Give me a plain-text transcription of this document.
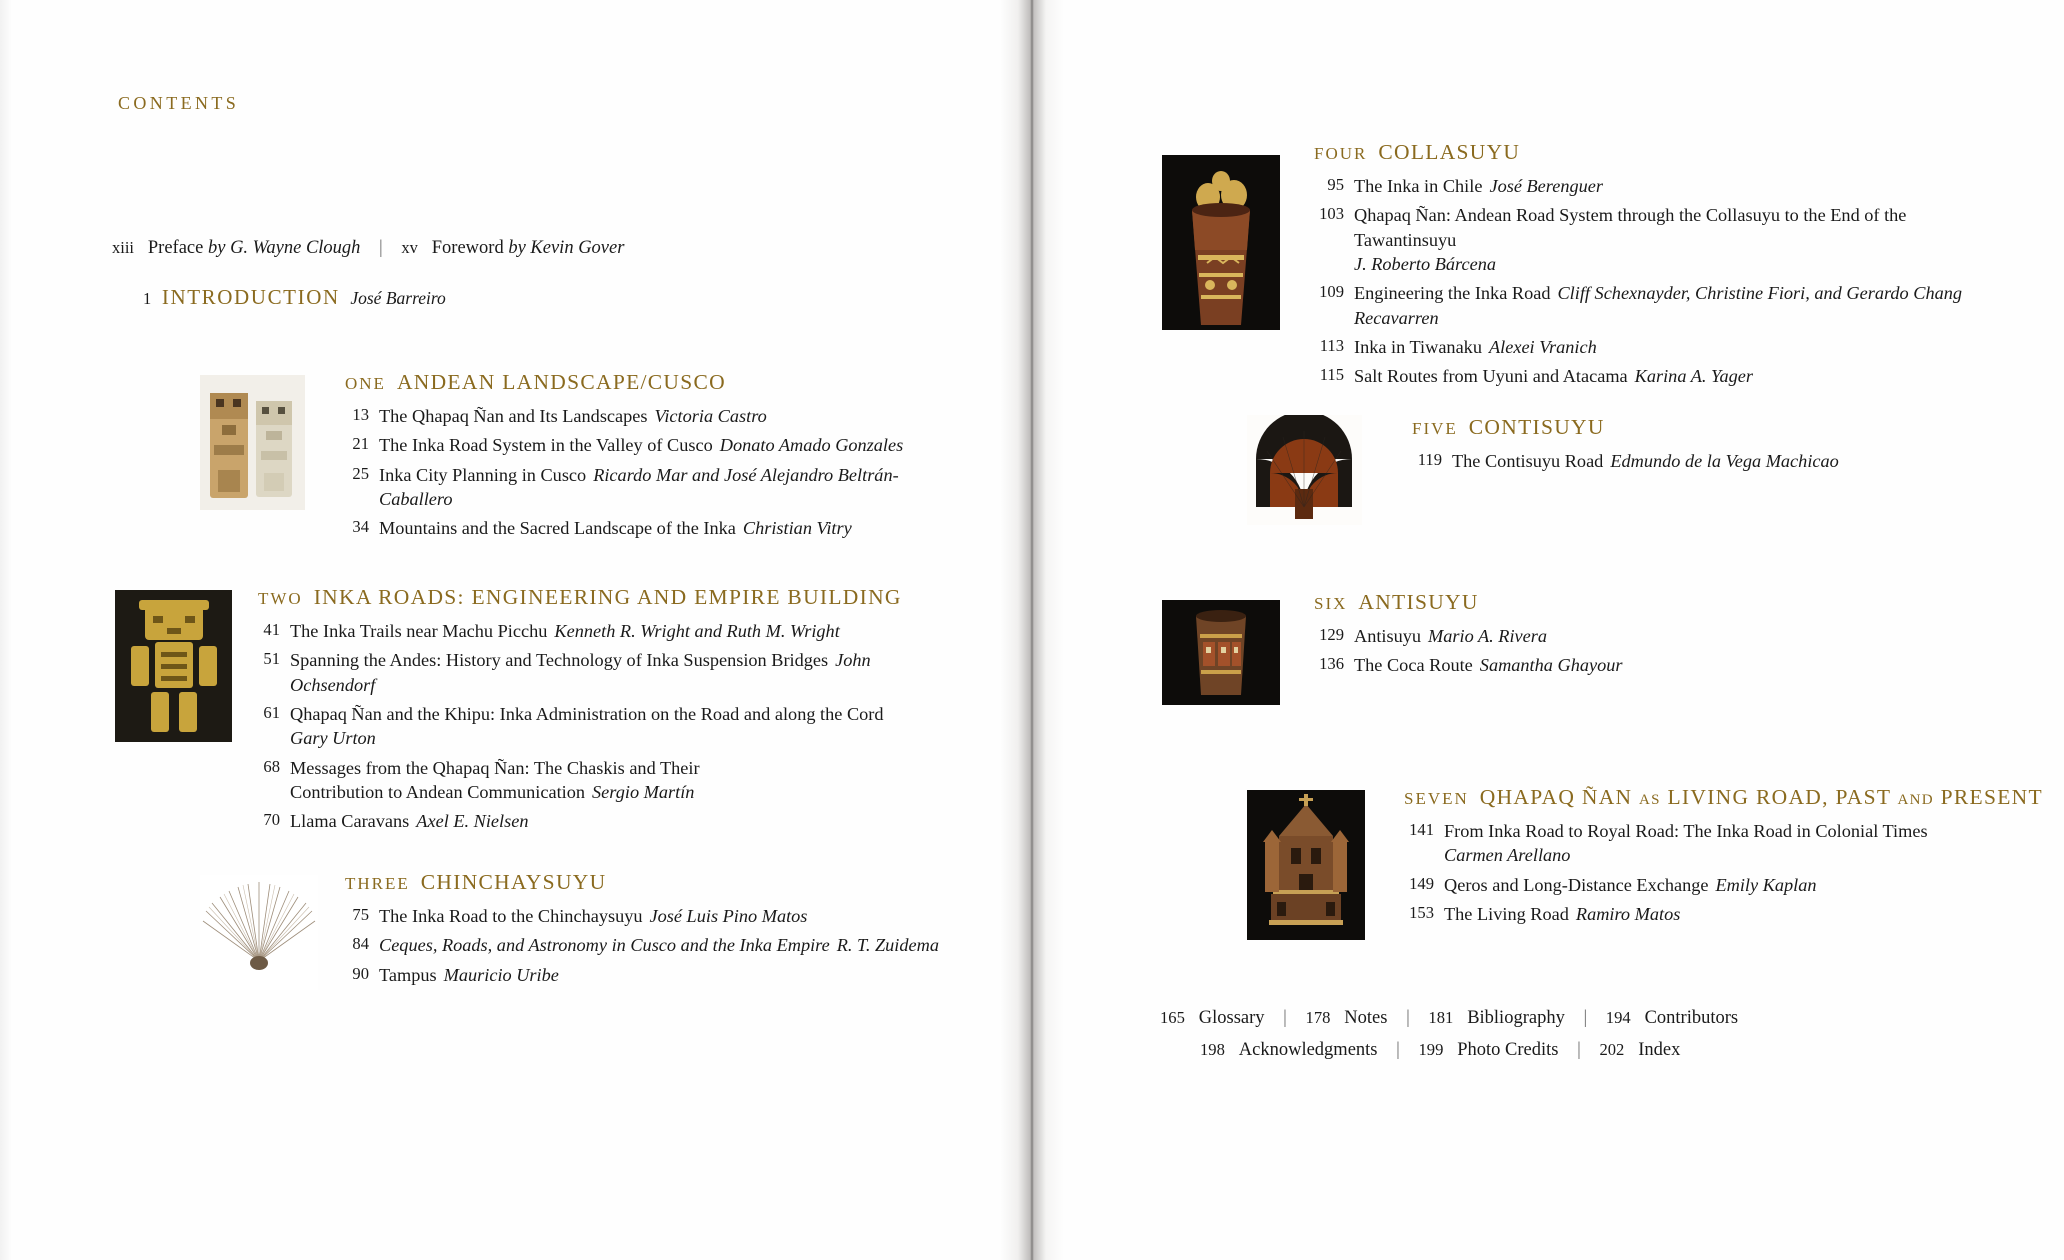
contents
xiii   Preface by G. Wayne Clough | xv   Foreword by Kevin Gover
1 INTRODUCTION José Barreiro
ONE ANDEAN LANDSCAPE/CUSCO
13 The Qhapaq Ñan and Its Landscapes Victoria Castro
21 The Inka Road System in the Valley of Cusco Donato Amado Gonzales
25 Inka City Planning in Cusco Ricardo Mar and José Alejandro Beltrán-Caballero
34 Mountains and the Sacred Landscape of the Inka Christian Vitry
TWO INKA ROADS: ENGINEERING AND EMPIRE BUILDING
41 The Inka Trails near Machu Picchu Kenneth R. Wright and Ruth M. Wright
51 Spanning the Andes: History and Technology of Inka Suspension Bridges John Ochsendorf
61 Qhapaq Ñan and the Khipu: Inka Administration on the Road and along the Cord
Gary Urton
68 Messages from the Qhapaq Ñan: The Chaskis and Their Contribution to Andean Communication Sergio Martín
70 Llama Caravans Axel E. Nielsen
THREE CHINCHAYSUYU
75 The Inka Road to the Chinchaysuyu José Luis Pino Matos
84 Ceques, Roads, and Astronomy in Cusco and the Inka Empire R. T. Zuidema
90 Tampus Mauricio Uribe
FOUR COLLASUYU
95 The Inka in Chile José Berenguer
103 Qhapaq Ñan: Andean Road System through the Collasuyu to the End of the Tawantinsuyu
J. Roberto Bárcena
109 Engineering the Inka Road Cliff Schexnayder, Christine Fiori, and Gerardo Chang Recavarren
113 Inka in Tiwanaku Alexei Vranich
115 Salt Routes from Uyuni and Atacama Karina A. Yager
FIVE CONTISUYU
119 The Contisuyu Road Edmundo de la Vega Machicao
SIX ANTISUYU
129 Antisuyu Mario A. Rivera
136 The Coca Route Samantha Ghayour
SEVEN QHAPAQ ÑAN as LIVING ROAD, PAST and PRESENT
141 From Inka Road to Royal Road: The Inka Road in Colonial Times
Carmen Arellano
149 Qeros and Long-Distance Exchange Emily Kaplan
153 The Living Road Ramiro Matos
165 Glossary | 178 Notes | 181 Bibliography | 194 Contributors
198 Acknowledgments | 199 Photo Credits | 202 Index
